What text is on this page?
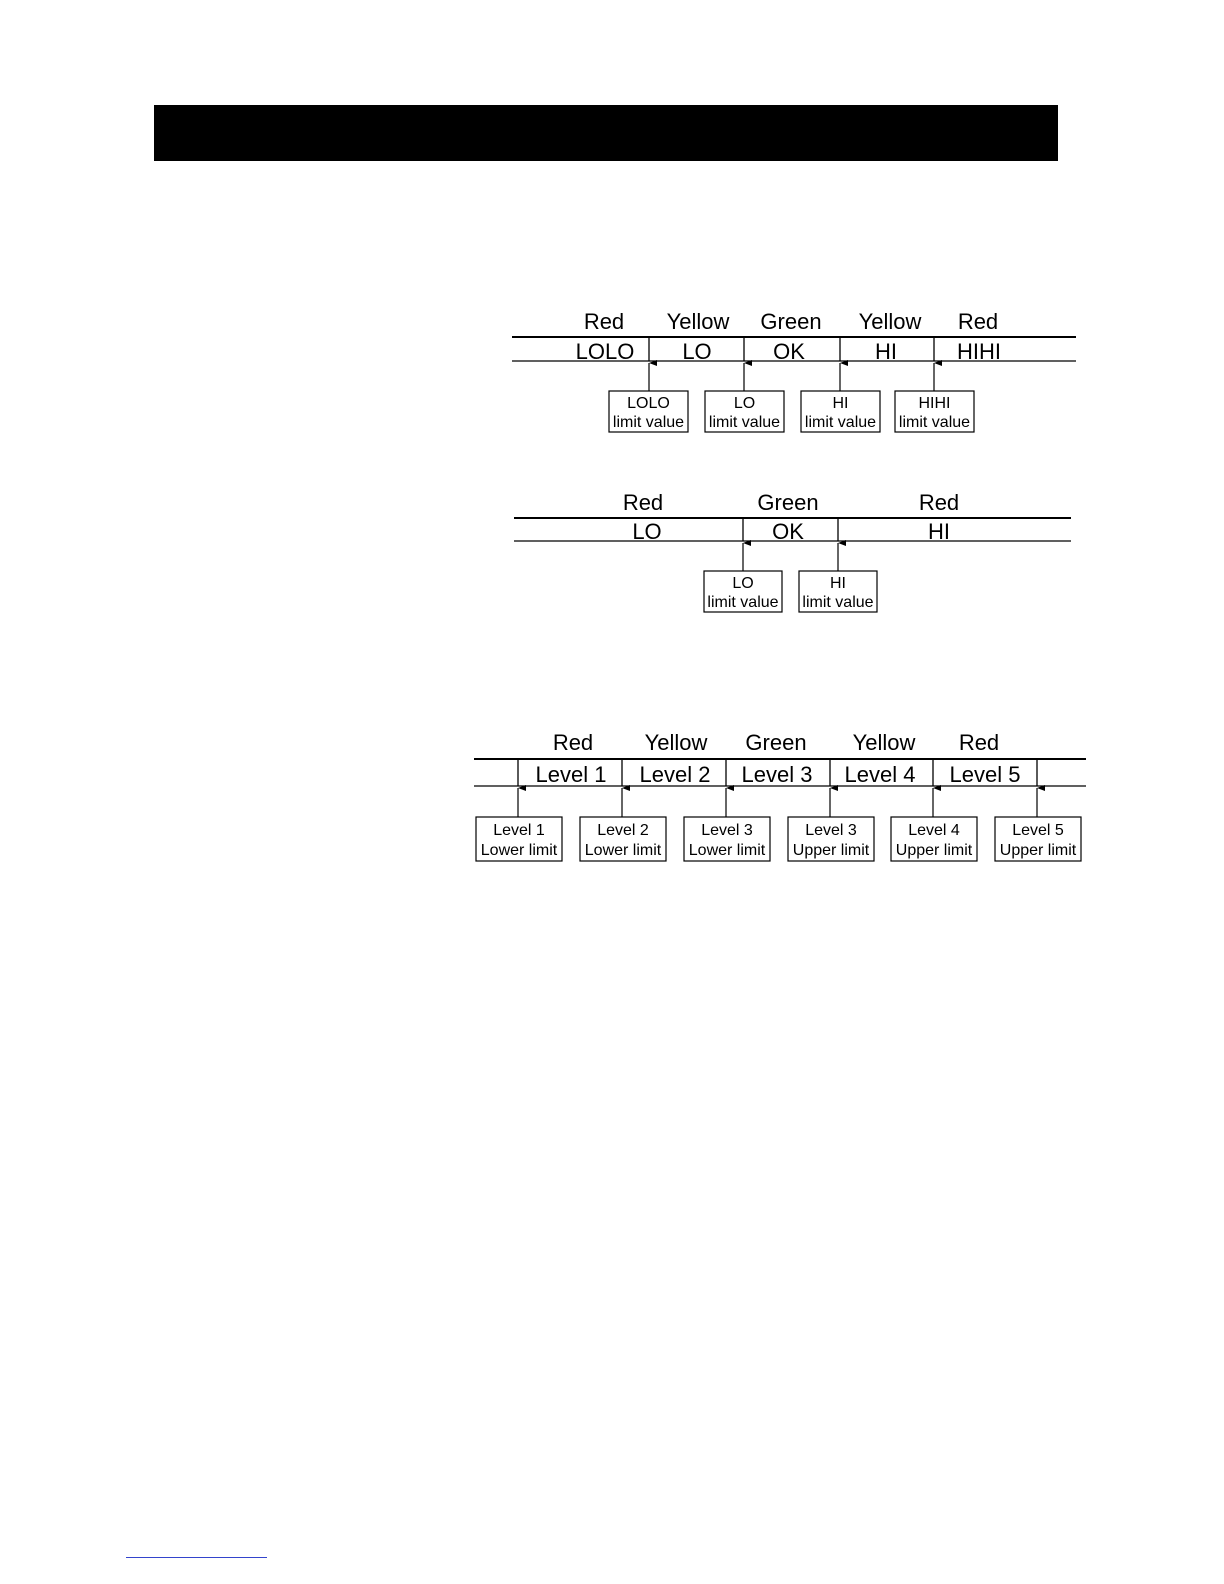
Red Yellow Green Yellow Red
LOLO LO	OK	HI	HIHI
LOLO
limit value
LO
limit value
HI
limit value
HIHI
limit value
Red	Green	Red
LO	OK	HI
LO
limit value
HI
limit value
Red Yellow Green Yellow Red
Level 1 Level 2 Level 3 Level 4 Level 5
Level 1
Lower limit
Level 2
Lower limit
Level 3
Lower limit
Level 3
Upper limit
Level 4
Upper limit
Level 5
Upper limit
